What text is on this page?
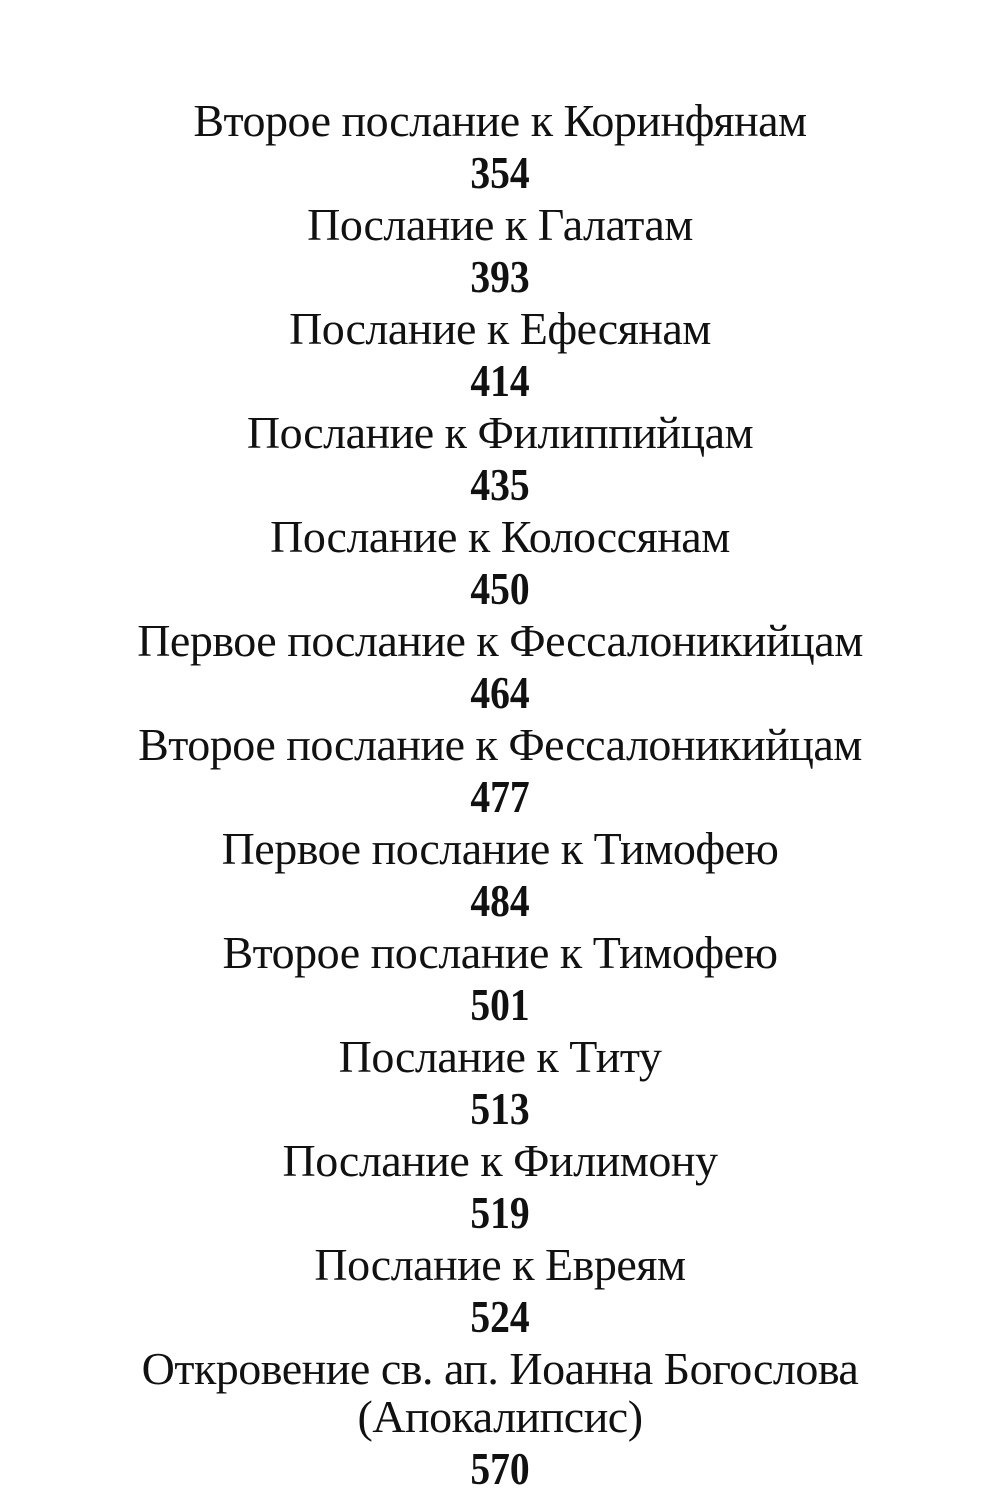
Второе послание к Коринфянам
354
Послание к Галатам
393
Послание к Ефесянам
414
Послание к Филиппийцам
435
Послание к Колоссянам
450
Первое послание к Фессалоникийцам
464
Второе послание к Фессалоникийцам
477
Первое послание к Тимофею
484
Второе послание к Тимофею
501
Послание к Титу
513
Послание к Филимону
519
Послание к Евреям
524
Откровение св. ап. Иоанна Богослова
(Апокалипсис)
570
